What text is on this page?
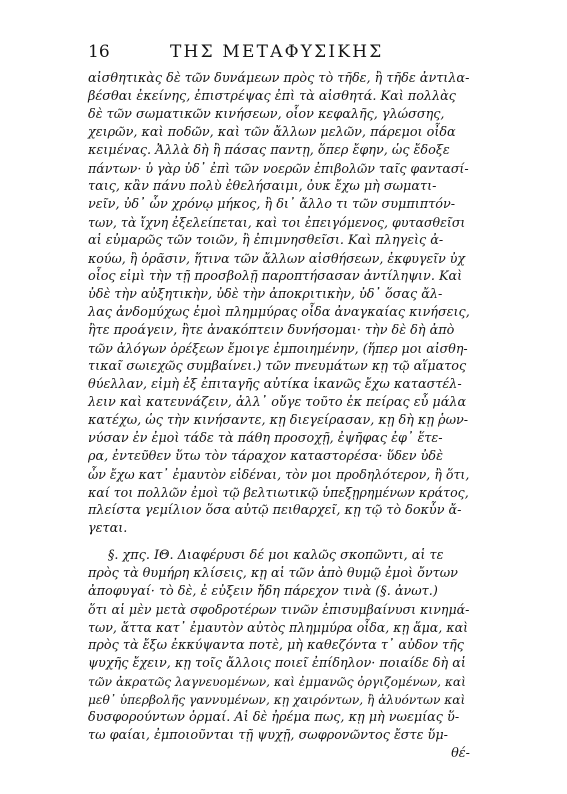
16	ΤΗΣ ΜΕΤΑΦΥΣΙΚΗΣ
αἰσθητικὰς δὲ τῶν δυνάμεων πρὸς τὸ τῆδε, ἢ τῆδε ἀντιλα-
βέσθαι ἐκείνης, ἐπιστρέψας ἐπὶ τὰ αἰσθητά. Καὶ πολλὰς
δὲ τῶν σωματικῶν κινήσεων, οἷον κεφαλῆς, γλώσσης,
χειρῶν, καὶ ποδῶν, καὶ τῶν ἄλλων μελῶν, πάρεμοι οἶδα
κειμένας. Ἀλλὰ δὴ ἢ πάσας παντῃ, ὅπερ ἔφην, ὡς ἔδοξε
πάντων· ὐ γὰρ ὐδ᾽ ἐπὶ τῶν νοερῶν ἐπιβολῶν ταῖς φαντασί-
ταις, κἂν πάνυ πολὺ ἐθελήσαιμι, ὀυκ ἔχω μὴ σωματι-
νεῖν, ὐδ᾽ ὧν χρόνῳ μήκος, ἢ δι᾽ ἄλλο τι τῶν συμπιπτόν-
των, τὰ ἴχνη ἐξελείπεται, καὶ τοι ἐπειγόμενος, φυτασθεῖσι
αἱ εὐμαρῶς τῶν τοιῶν, ἢ ἐπιμνησθεῖσι. Καὶ πληγεὶς ἀ-
κούω, ἢ ὁρᾶσιν, ἥτινα τῶν ἄλλων αἰσθήσεων, ἐκφυγεῖν ὐχ
οἷος εἰμὶ τὴν τῇ προσβολῇ παροπτήσασαν ἀντίληψιν. Καὶ
ὐδὲ τὴν αὐξητικὴν, ὐδὲ τὴν ἀποκριτικὴν, ὐδ᾽ ὅσας ἄλ-
λας ἀνδομύχως ἐμοὶ πλημμύρας οἶδα ἀναγκαίας κινήσεις,
ἢτε προάγειν, ἢτε ἀνακόπτειν δυνήσομαι· τὴν δὲ δὴ ἀπὸ
τῶν ἀλόγων ὀρέξεων ἔμοιγε ἐμποιημένην, (ἥπερ μοι αἰσθη-
τικαῖ σωιεχῶς συμβαίνει.) τῶν πνευμάτων κῃ τῷ αἵματος
θύελλαν, εἰμὴ ἐξ ἐπιταγῆς αὐτίκα ἱκανῶς ἔχω καταστέλ-
λειν καὶ κατευνάζειν, ἀλλ᾽ οὔγε τοῦτο ἐκ πείρας εὖ μάλα
κατέχω, ὡς τὴν κινήσαντε, κῃ διεγείρασαν, κῃ δὴ κῃ ῥων-
νύσαν ἐν ἐμοὶ τάδε τὰ πάθη προσοχῇ, ἐψῆφας ἐφ᾽ ἕτε-
ρα, ἐντεῦθεν ὕτω τὸν τάραχον καταστορέσα· ὕδεν ὐδὲ
ὦν ἔχω κατ᾽ ἐμαυτὸν εἰδέναι, τὸν μοι προδηλότερον, ἢ ὅτι,
καί τοι πολλῶν ἐμοὶ τῷ βελτιωτικῷ ὑπεξῃρημένων κράτος,
πλείστα γεμίλιον ὅσα αὐτῷ πειθαρχεῖ, κῃ τῷ τὸ δοκὖν ἄ-
γεται.
§. χπς. ΙΘ. Διαφέρυσι δέ μοι καλῶς σκοπῶντι, αἱ τε
πρὸς τὰ θυμήρη κλίσεις, κῃ αἱ τῶν ἀπὸ θυμῷ ἐμοὶ ὄντων
ἀποφυγαί· τὸ δὲ, ἐ εὐξειν ἤδη πάρεχον τινὰ (§. ἀνωτ.)
ὅτι αἱ μὲν μετὰ σφοδροτέρων τινῶν ἐπισυμβαίνυσι κινημά-
των, ἅττα κατ᾽ ἐμαυτὸν αὐτὸς πλημμύρα οἶδα, κῃ ἅμα, καὶ
πρὸς τὰ ἔξω ἐκκύψαντα ποτὲ, μὴ καθεζόντα τ᾽ αὐδον τῆς
ψυχῆς ἔχειν, κῃ τοῖς ἄλλοις ποιεῖ ἐπίδηλον· ποιαίδε δὴ αἱ
τῶν ἀκρατῶς λαγνευομένων, καὶ ἐμμανῶς ὀργιζομένων, καὶ
μεθ᾽ ὑπερβολῆς γαννυμένων, κῃ χαιρόντων, ἢ ἀλυόντων καὶ
δυσφορούντων ὁρμαί. Αἱ δὲ ἠρέμα πως, κῃ μὴ νωεμίας ὕ-
τω φαίαι, ἐμποιοῦνται τῇ ψυχῇ, σωφρονῶντος ἔστε ὕμ-
θέ-
